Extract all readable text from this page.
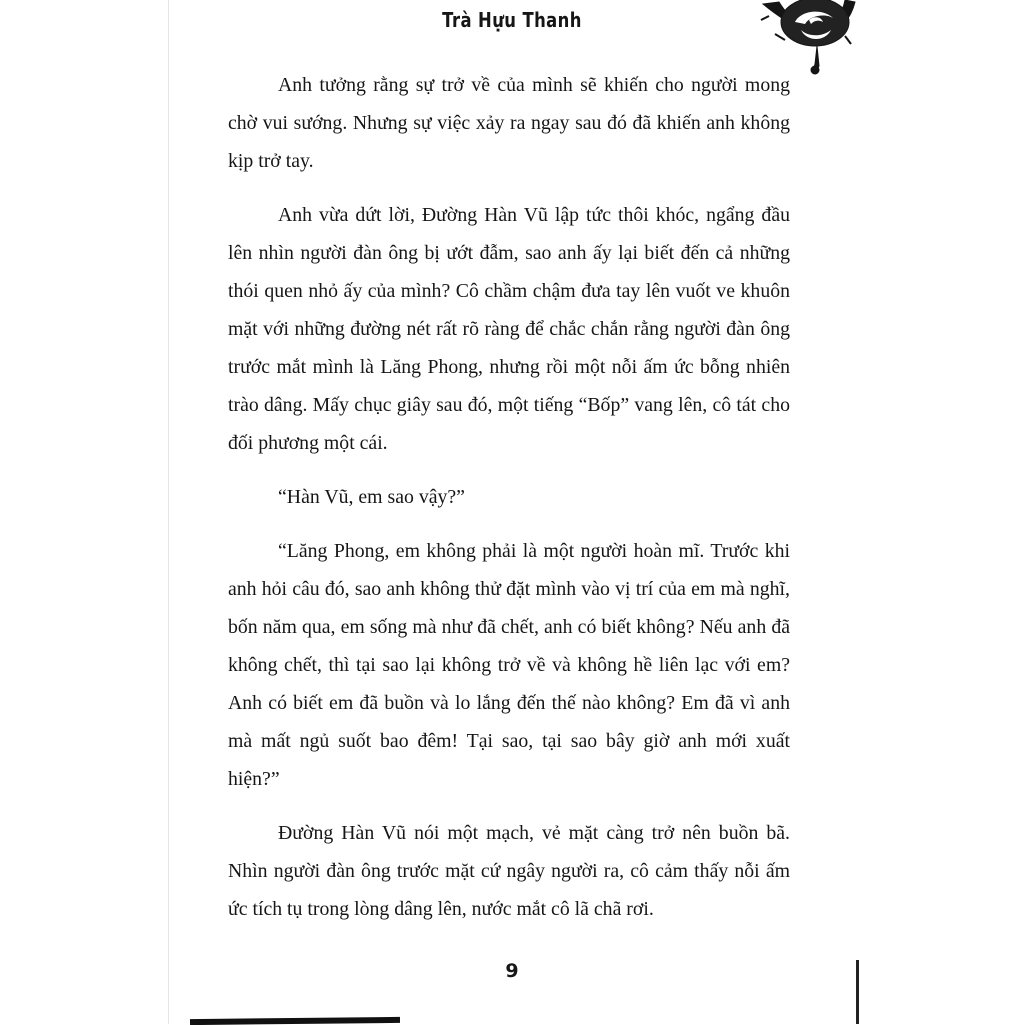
Trà Hựu Thanh

Anh tưởng rằng sự trở về của mình sẽ khiến cho người mong chờ vui sướng. Nhưng sự việc xảy ra ngay sau đó đã khiến anh không kịp trở tay.

Anh vừa dứt lời, Đường Hàn Vũ lập tức thôi khóc, ngẩng đầu lên nhìn người đàn ông bị ướt đẫm, sao anh ấy lại biết đến cả những thói quen nhỏ ấy của mình? Cô chầm chậm đưa tay lên vuốt ve khuôn mặt với những đường nét rất rõ ràng để chắc chắn rằng người đàn ông trước mắt mình là Lăng Phong, nhưng rồi một nỗi ấm ức bỗng nhiên trào dâng. Mấy chục giây sau đó, một tiếng “Bốp” vang lên, cô tát cho đối phương một cái.

“Hàn Vũ, em sao vậy?”

“Lăng Phong, em không phải là một người hoàn mĩ. Trước khi anh hỏi câu đó, sao anh không thử đặt mình vào vị trí của em mà nghĩ, bốn năm qua, em sống mà như đã chết, anh có biết không? Nếu anh đã không chết, thì tại sao lại không trở về và không hề liên lạc với em? Anh có biết em đã buồn và lo lắng đến thế nào không? Em đã vì anh mà mất ngủ suốt bao đêm! Tại sao, tại sao bây giờ anh mới xuất hiện?”

Đường Hàn Vũ nói một mạch, vẻ mặt càng trở nên buồn bã. Nhìn người đàn ông trước mặt cứ ngây người ra, cô cảm thấy nỗi ấm ức tích tụ trong lòng dâng lên, nước mắt cô lã chã rơi.

9
